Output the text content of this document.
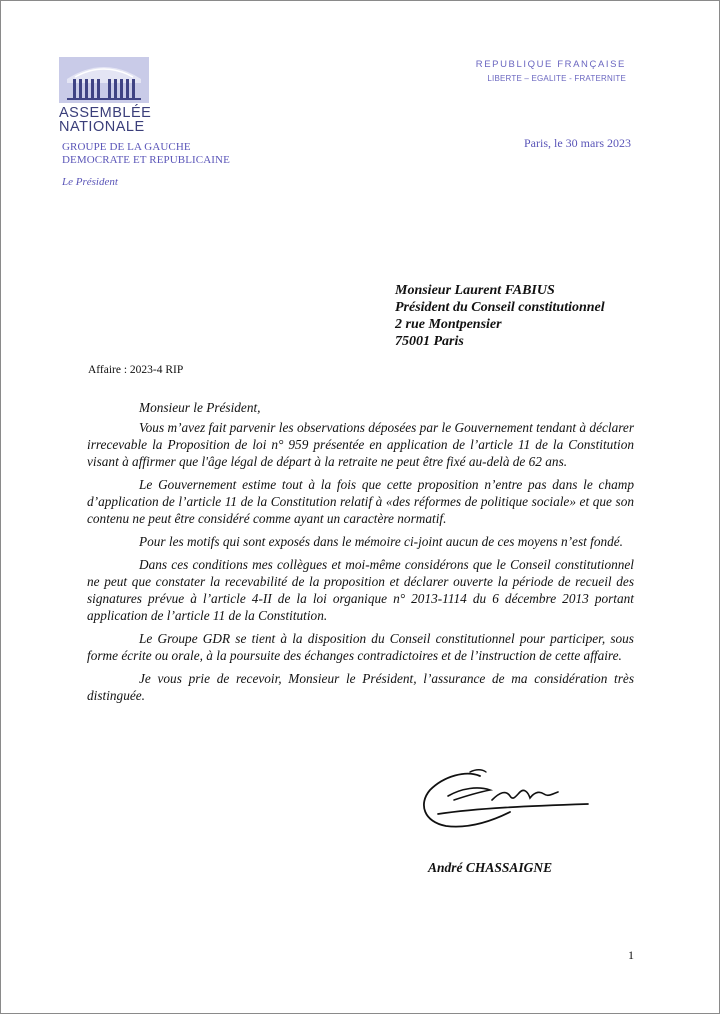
ASSEMBLÉE
NATIONALE
GROUPE DE LA GAUCHE
DEMOCRATE ET REPUBLICAINE
Le Président
REPUBLIQUE FRANÇAISE
LIBERTE – EGALITE - FRATERNITE
Paris, le 30 mars 2023
Monsieur Laurent FABIUS
Président du Conseil constitutionnel
2 rue Montpensier
75001 Paris
Affaire : 2023-4 RIP

Monsieur le Président,

Vous m’avez fait parvenir les observations déposées par le Gouvernement tendant à déclarer irrecevable la Proposition de loi n° 959 présentée en application de l’article 11 de la Constitution visant à affirmer que l'âge légal de départ à la retraite ne peut être fixé au-delà de 62 ans.

Le Gouvernement estime tout à la fois que cette proposition n’entre pas dans le champ d’application de l’article 11 de la Constitution relatif à «des réformes de politique sociale» et que son contenu ne peut être considéré comme ayant un caractère normatif.

Pour les motifs qui sont exposés dans le mémoire ci-joint aucun de ces moyens n’est fondé.

Dans ces conditions mes collègues et moi-même considérons que le Conseil constitutionnel ne peut que constater la recevabilité de la proposition et déclarer ouverte la période de recueil des signatures prévue à l’article 4-II de la loi organique n° 2013-1114 du 6 décembre 2013 portant application de l’article 11 de la Constitution.

Le Groupe GDR se tient à la disposition du Conseil constitutionnel pour participer, sous forme écrite ou orale, à la poursuite des échanges contradictoires et de l’instruction de cette affaire.

Je vous prie de recevoir, Monsieur le Président, l’assurance de ma considération très distinguée.

André CHASSAIGNE
1
